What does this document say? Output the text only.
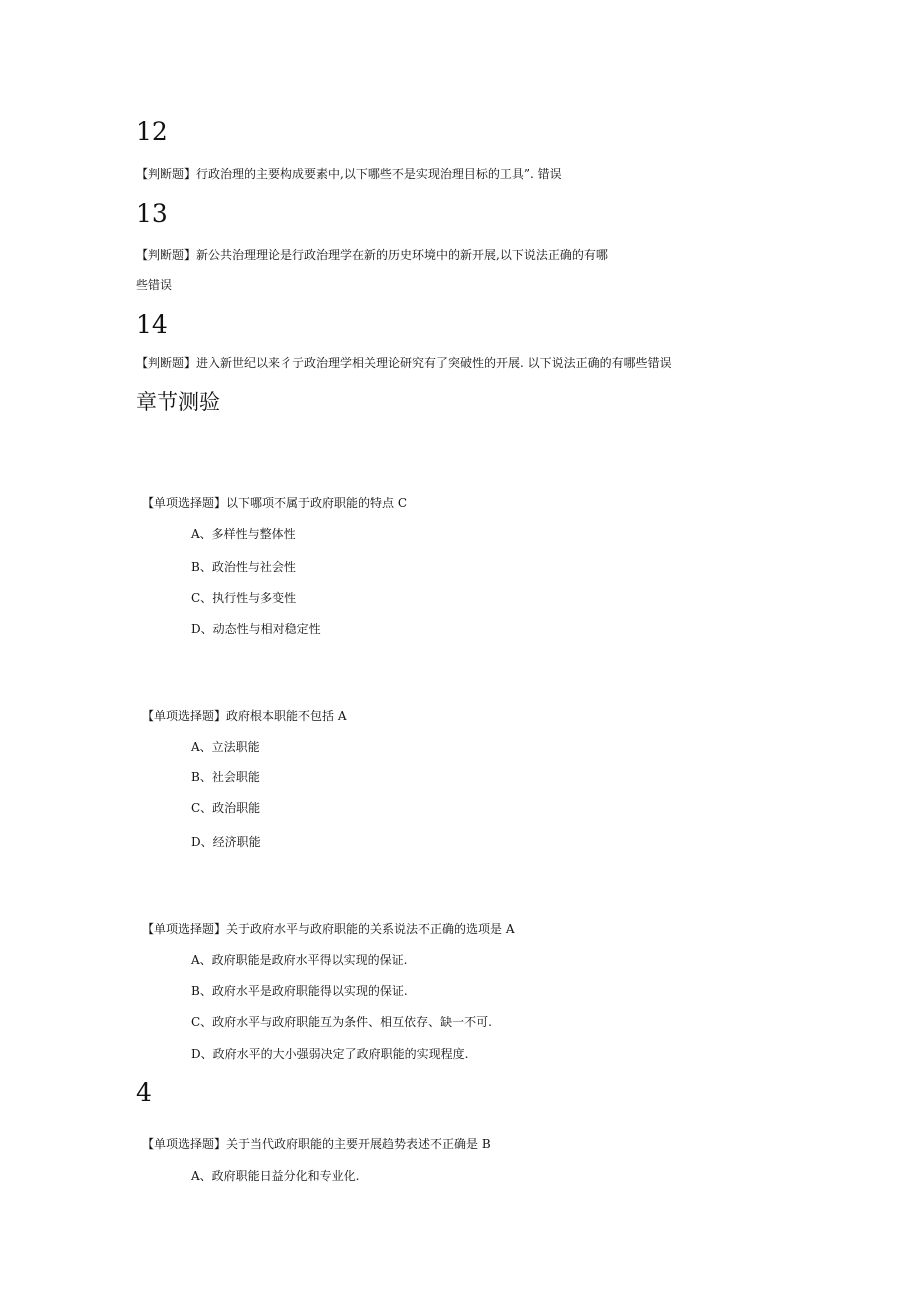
12
【判断题】行政治理的主要构成要素中,以下哪些不是实现治理目标的工具”. 错误
13
【判断题】新公共治理理论是行政治理学在新的历史环境中的新开展,以下说法正确的有哪
些错误
14
【判断题】进入新世纪以来彳亍政治理学相关理论研究有了突破性的开展. 以下说法正确的有哪些错误
章节测验
【单项选择题】以下哪项不属于政府职能的特点 C
A、多样性与整体性
B、政治性与社会性
C、执行性与多变性
D、动态性与相对稳定性
【单项选择题】政府根本职能不包括 A
A、立法职能
B、社会职能
C、政治职能
D、经济职能
【单项选择题】关于政府水平与政府职能的关系说法不正确的选项是 A
A、政府职能是政府水平得以实现的保证.
B、政府水平是政府职能得以实现的保证.
C、政府水平与政府职能互为条件、相互依存、缺一不可.
D、政府水平的大小强弱决定了政府职能的实现程度.
4
【单项选择题】关于当代政府职能的主要开展趋势表述不正确是 B
A、政府职能日益分化和专业化.
